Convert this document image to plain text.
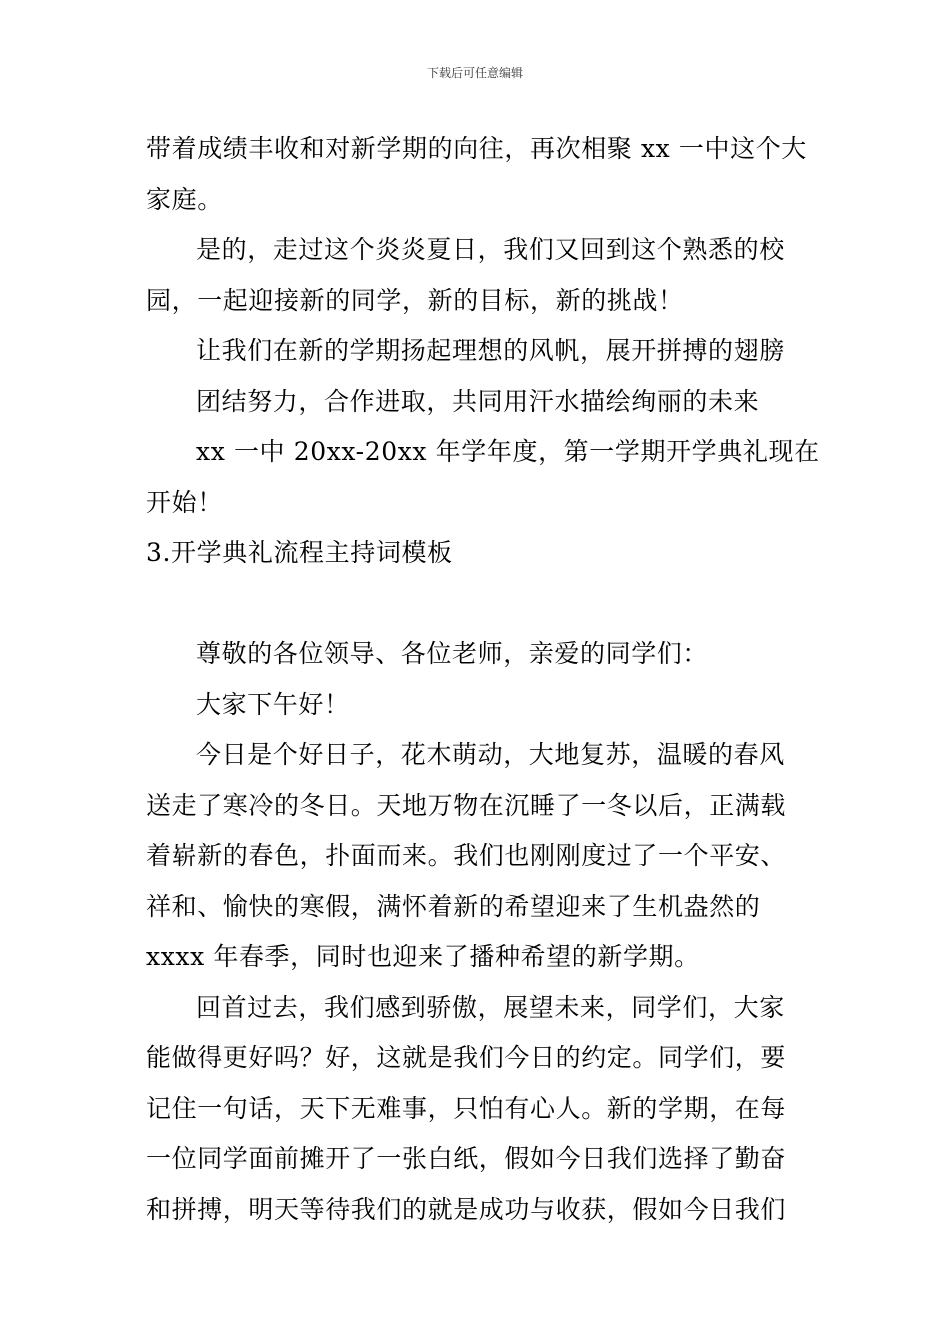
下载后可任意编辑
带着成绩丰收和对新学期的向往，再次相聚 xx 一中这个大
家庭。
是的，走过这个炎炎夏日，我们又回到这个熟悉的校
园，一起迎接新的同学，新的目标，新的挑战！
让我们在新的学期扬起理想的风帆，展开拼搏的翅膀
团结努力，合作进取，共同用汗水描绘绚丽的未来
xx 一中 20xx-20xx 年学年度，第一学期开学典礼现在
开始！
3.开学典礼流程主持词模板
尊敬的各位领导、各位老师，亲爱的同学们：
大家下午好！
今日是个好日子，花木萌动，大地复苏，温暖的春风
送走了寒冷的冬日。天地万物在沉睡了一冬以后，正满载
着崭新的春色，扑面而来。我们也刚刚度过了一个平安、
祥和、愉快的寒假，满怀着新的希望迎来了生机盎然的
xxxx 年春季，同时也迎来了播种希望的新学期。
回首过去，我们感到骄傲，展望未来，同学们，大家
能做得更好吗？好，这就是我们今日的约定。同学们，要
记住一句话，天下无难事，只怕有心人。新的学期，在每
一位同学面前摊开了一张白纸，假如今日我们选择了勤奋
和拼搏，明天等待我们的就是成功与收获，假如今日我们
